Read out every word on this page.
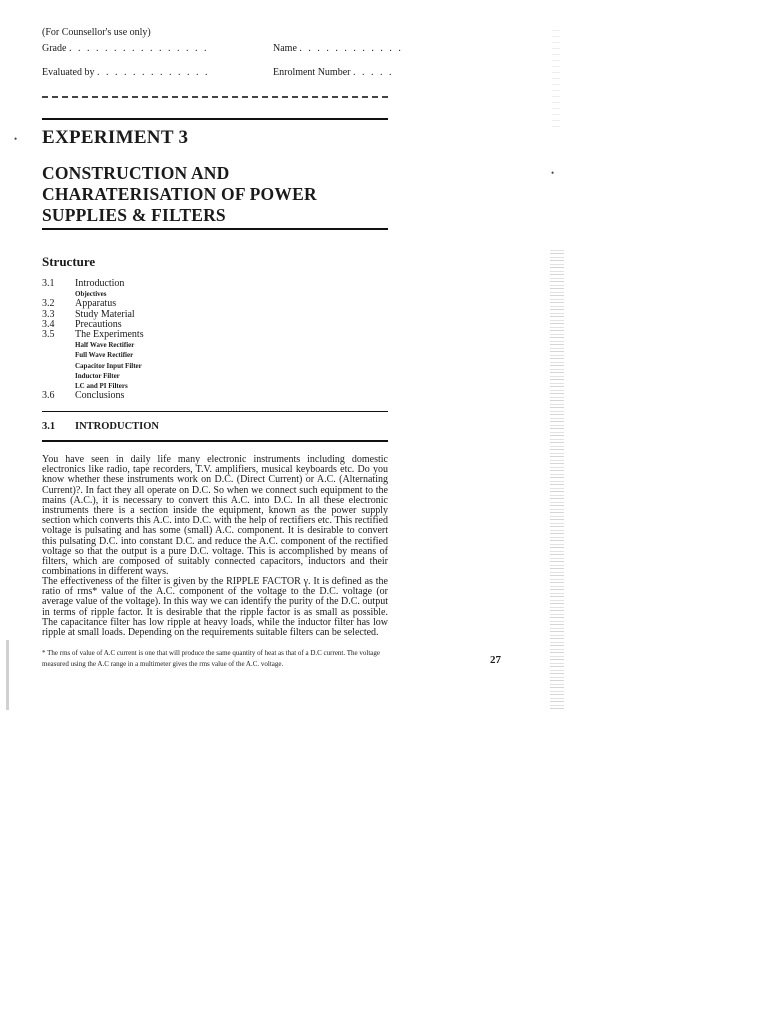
•
•
(For Counsellor's use only)
Grade . . . . . . . . . . . . . . . .	Name . . . . . . . . . . . .
Evaluated by . . . . . . . . . . . . .	Enrolment Number . . . . .
EXPERIMENT 3
CONSTRUCTION AND
CHARATERISATION OF POWER
SUPPLIES & FILTERS
Structure
3.1	Introduction
Objectives
3.2	Apparatus
3.3	Study Material
3.4	Precautions
3.5	The Experiments
Half Wave Rectifier
Full Wave Rectifier
Capacitor Input Filter
Inductor Filter
LC and PI Filters
3.6	Conclusions
3.1 INTRODUCTION

You have seen in daily life many electronic instruments including domestic electronics like radio, tape recorders, T.V. amplifiers, musical keyboards etc. Do you know whether these instruments work on D.C. (Direct Current) or A.C. (Alternating Current)?. In fact they all operate on D.C. So when we connect such equipment to the mains (A.C.), it is necessary to convert this A.C. into D.C. In all these electronic instruments there is a section inside the equipment, known as the power supply section which converts this A.C. into D.C. with the help of rectifiers etc. This rectified voltage is pulsating and has some (small) A.C. component. It is desirable to convert this pulsating D.C. into constant D.C. and reduce the A.C. component of the rectified voltage so that the output is a pure D.C. voltage. This is accomplished by means of filters, which are composed of suitably connected capacitors, inductors and their combinations in different ways.

The effectiveness of the filter is given by the RIPPLE FACTOR γ. It is defined as the ratio of rms* value of the A.C. component of the voltage to the D.C. voltage (or average value of the voltage). In this way we can identify the purity of the D.C. output in terms of ripple factor. It is desirable that the ripple factor is as small as possible. The capacitance filter has low ripple at heavy loads, while the inductor filter has low ripple at small loads. Depending on the requirements suitable filters can be selected.

* The rms of value of A.C current is one that will produce the same quantity of heat as that of a D.C current. The voltage measured using the A.C range in a multimeter gives the rms value of the A.C. voltage.	27
